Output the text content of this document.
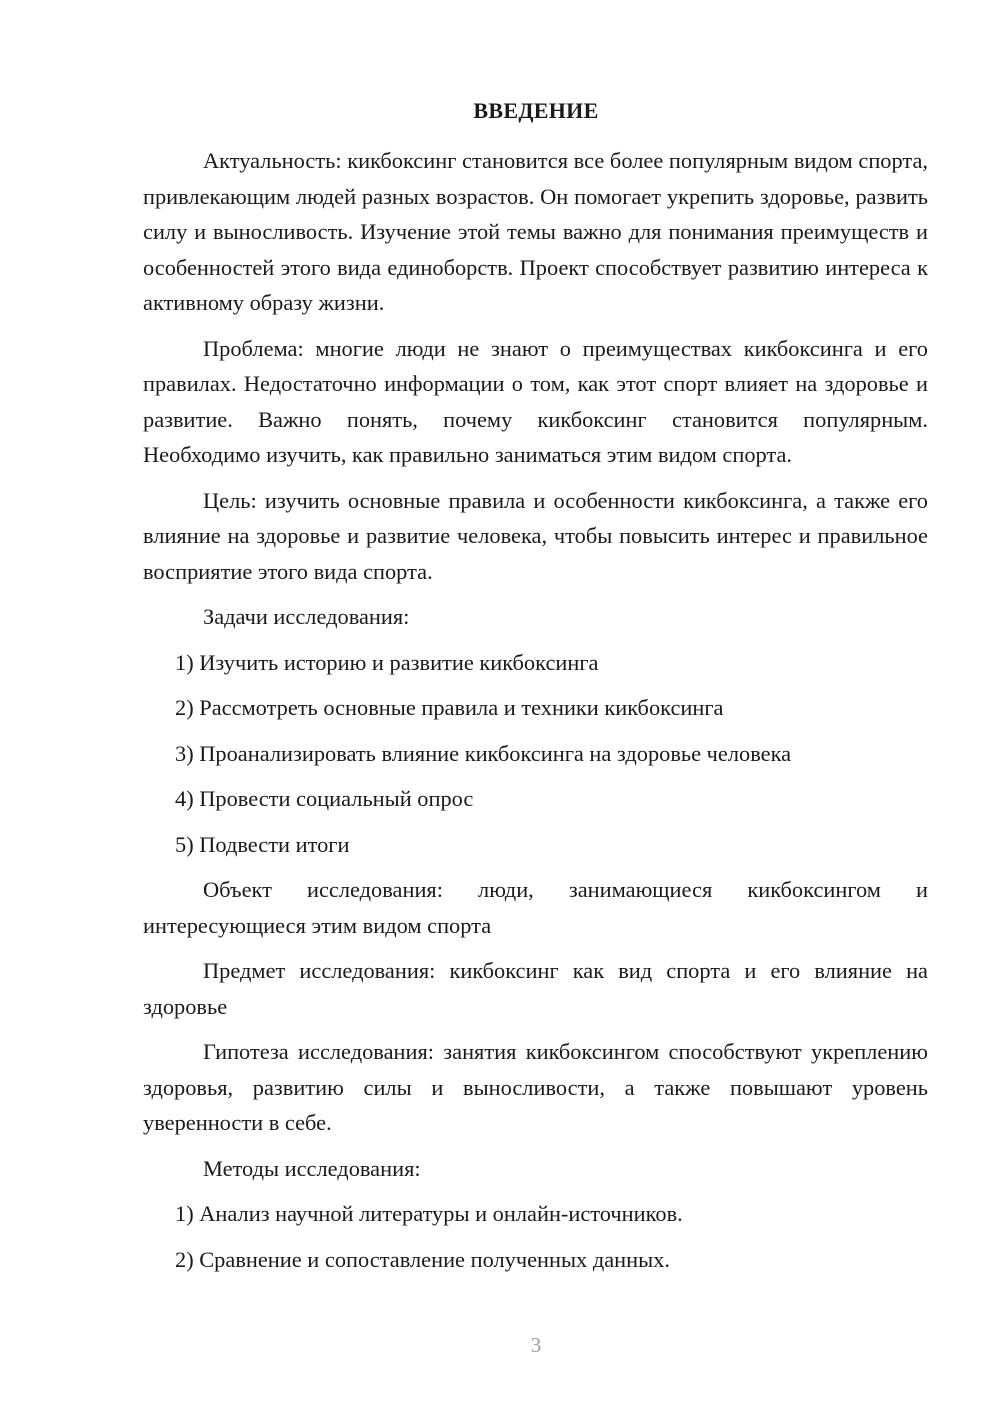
ВВЕДЕНИЕ

Актуальность: кикбоксинг становится все более популярным видом спорта, привлекающим людей разных возрастов. Он помогает укрепить здоровье, развить силу и выносливость. Изучение этой темы важно для понимания преимуществ и особенностей этого вида единоборств. Проект способствует развитию интереса к активному образу жизни.

Проблема: многие люди не знают о преимуществах кикбоксинга и его правилах. Недостаточно информации о том, как этот спорт влияет на здоровье и развитие. Важно понять, почему кикбоксинг становится популярным. Необходимо изучить, как правильно заниматься этим видом спорта.

Цель: изучить основные правила и особенности кикбоксинга, а также его влияние на здоровье и развитие человека, чтобы повысить интерес и правильное восприятие этого вида спорта.

Задачи исследования:

1) Изучить историю и развитие кикбоксинга
2) Рассмотреть основные правила и техники кикбоксинга
3) Проанализировать влияние кикбоксинга на здоровье человека
4) Провести социальный опрос
5) Подвести итоги

Объект исследования: люди, занимающиеся кикбоксингом и интересующиеся этим видом спорта

Предмет исследования: кикбоксинг как вид спорта и его влияние на здоровье

Гипотеза исследования: занятия кикбоксингом способствуют укреплению здоровья, развитию силы и выносливости, а также повышают уровень уверенности в себе.

Методы исследования:

1) Анализ научной литературы и онлайн-источников.
2) Сравнение и сопоставление полученных данных.
3
